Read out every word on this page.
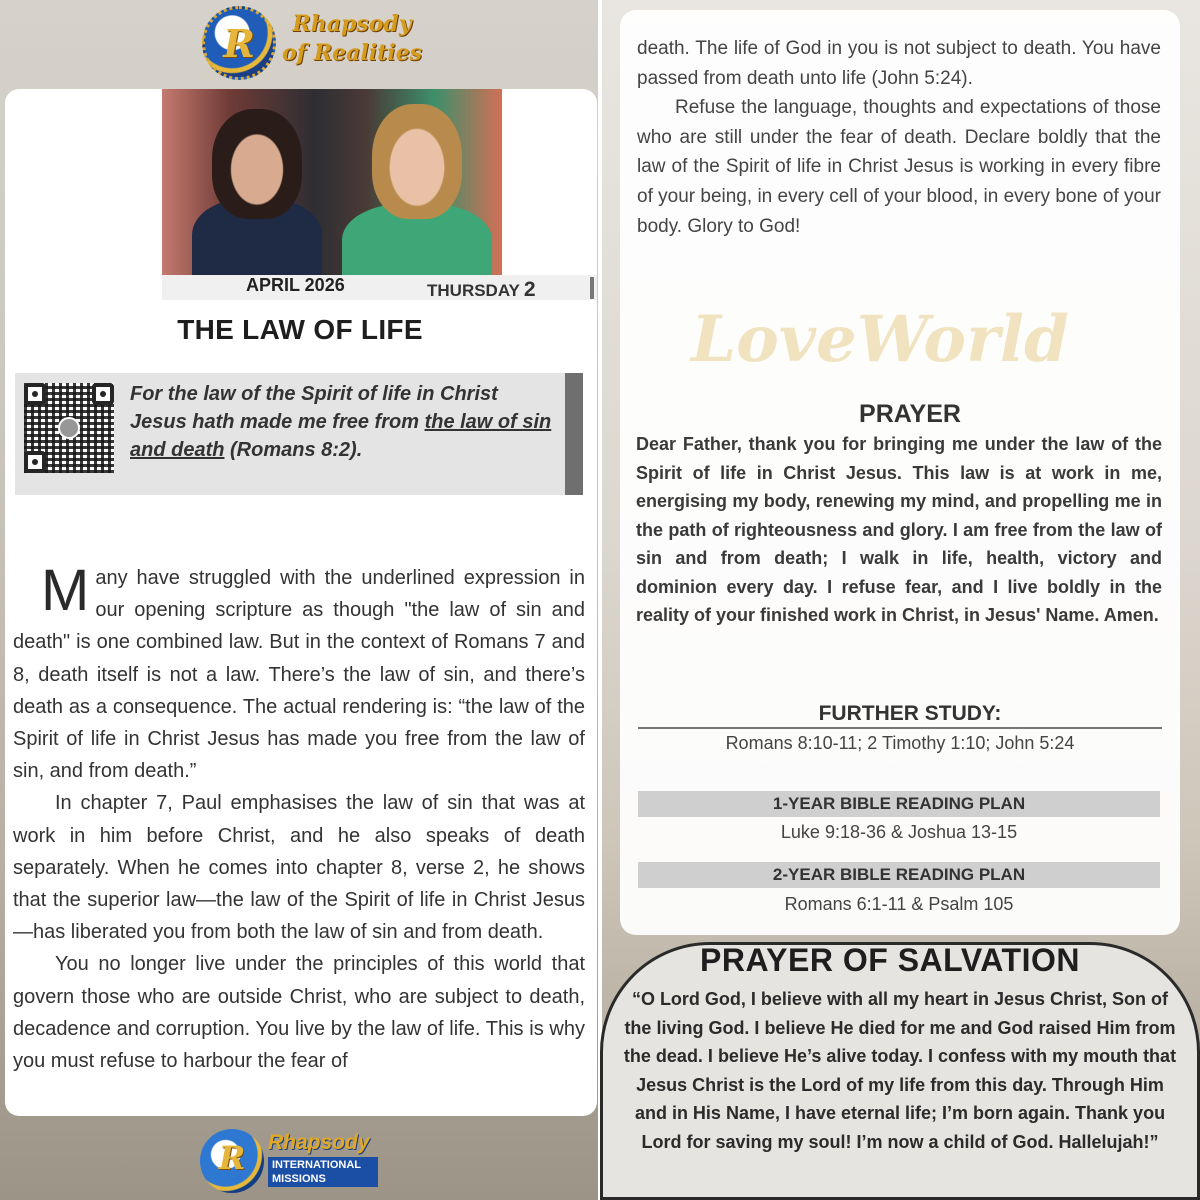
R	Rhapsody
of Realities
APRIL 2026	THURSDAY 2
THE LAW OF LIFE
For the law of the Spirit of life in Christ Jesus hath made me free from the law of sin and death (Romans 8:2).

Many have struggled with the underlined expression in our opening scripture as though "the law of sin and death" is one combined law. But in the context of Romans 7 and 8, death itself is not a law. There’s the law of sin, and there’s death as a consequence. The actual rendering is: “the law of the Spirit of life in Christ Jesus has made you free from the law of sin, and from death.”

In chapter 7, Paul emphasises the law of sin that was at work in him before Christ, and he also speaks of death separately. When he comes into chapter 8, verse 2, he shows that the superior law—the law of the Spirit of life in Christ Jesus—has liberated you from both the law of sin and from death.

You no longer live under the principles of this world that govern those who are outside Christ, who are subject to death, decadence and corruption. You live by the law of life. This is why you must refuse to harbour the fear of

R	Rhapsody
INTERNATIONAL MISSIONS
LoveWorld

death. The life of God in you is not subject to death. You have passed from death unto life (John 5:24).

Refuse the language, thoughts and expectations of those who are still under the fear of death. Declare boldly that the law of the Spirit of life in Christ Jesus is working in every fibre of your being, in every cell of your blood, in every bone of your body. Glory to God!

PRAYER
Dear Father, thank you for bringing me under the law of the Spirit of life in Christ Jesus. This law is at work in me, energising my body, renewing my mind, and propelling me in the path of righteousness and glory. I am free from the law of sin and from death; I walk in life, health, victory and dominion every day. I refuse fear, and I live boldly in the reality of your finished work in Christ, in Jesus' Name. Amen.
FURTHER STUDY:
Romans 8:10-11; 2 Timothy 1:10; John 5:24
1-YEAR BIBLE READING PLAN
Luke 9:18-36 & Joshua 13-15
2-YEAR BIBLE READING PLAN
Romans 6:1-11 & Psalm 105
PRAYER OF SALVATION
“O Lord God, I believe with all my heart in Jesus Christ, Son of the living God. I believe He died for me and God raised Him from the dead. I believe He’s alive today. I confess with my mouth that Jesus Christ is the Lord of my life from this day. Through Him and in His Name, I have eternal life; I’m born again. Thank you Lord for saving my soul! I’m now a child of God. Hallelujah!”
